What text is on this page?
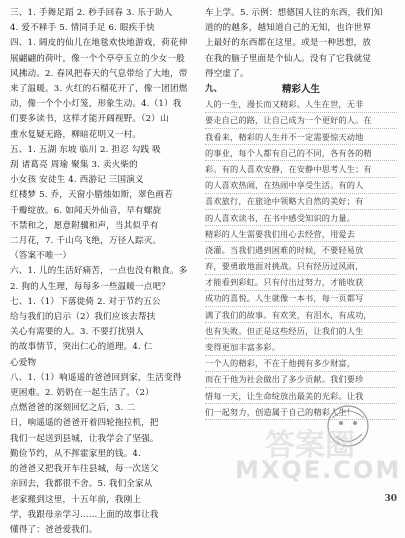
三、1. 手舞足蹈 2. 秒手回春 3. 乐于助人
4. 爱不释手 5. 情同手足 6. 眼疾手快
四、1. 阔皮的仙儿在地毯欢快地游戏，荷花伸
展翩翩的荷叶，像一个个亭亭玉立的少女一般
风拂动。2. 春风把春天的气息带给了大地，带
来了温暖。3. 火红的石榴花开了，像一团团燃
动，像一个个小灯笼，形象生动。4.（1）我
们要多读书，这样才能开阔视野。（2）山
重水复疑无路，柳暗花明又一村。
五、1. 五湖 东坡 临川 2. 担忍 勾践 吸
刮 诸葛亮 周瑜 聚集 3. 卖火柴的
小女孩 安徒生 4. 西游记 三国演义
红楼梦 5. 乔，天窗小腊烛如斯，翠色画若
千瓣绽放。6. 如闻天外仙音，早有螺旋
不禁和之，愿意附骥和声，当其似乎有
二月花，7. 千山鸟飞绝，万径人踪灭。
（答案不唯一）
六、1. 儿的生活好痛苦，一点也没有粮食。多
2. 狗的人生理，每每多一些温暖一点吧？
七、1.（1）下落徙倚 2. 对于节约五公
给与我们的启示（2）我们应该去帮扶
关心有需要的人。3. 不要打扰别人
的故事情节，突出仁心的道理。4. 仁
心爱物
八、1.（1）响遥遥的爸爸回到家，生活变得
更困难。2. 奶奶在一起生活了。（2）
点燃爸爸的深刻回忆之后，3. 二
日，响遥遥的爸爸开着四轮拖拉机，把
我们一起送到县城，让我学会了坚强。
勤俭节约，从不挥霍家里的钱。4.
的爸爸又把我开车往县城，每一次送父
亲回去，我都很不舍。5. 我们全家从
老家搬到这里，十五年前，我刚上
学，我跟母亲学习……上面的故事让我
懂得了：爸爸爱我们。
车上学。5. 示例：想德国人往的东西，我们知
道的的越多，越知道自己的无知，也许世界
上最好的东西都在这里。或是一种思想，放
在我的脑子里面是个仙人。没有了它我就觉
得空虚了。
九、	精彩人生
人的一生，漫长而又精彩。人生在世，无非
要走自己的路，让自己成为一个更好的人。在
我看来，精彩的人生并不一定需要惊天动地
的事业，每个人都有自己的不同，各有各的精
彩。有的人喜欢安静，在安静中思考人生；有
的人喜欢热闹，在热闹中享受生活。有的人
喜欢旅行，在旅途中领略大自然的美好；有
的人喜欢读书，在书中感受知识的力量。
精彩的人生需要我们用心去经营，用爱去
浇灌。当我们遇到困难的时候，不要轻易放
弃，要勇敢地面对挑战。只有经历过风雨，
才能看到彩虹。只有付出过努力，才能收获
成功的喜悦。人生就像一本书，每一页都写
满了我们的故事。有欢笑，有泪水，有成功，
也有失败。但正是这些经历，让我们的人生
变得更加丰富多彩。
一个人的精彩，不在于他拥有多少财富，
而在于他为社会做出了多少贡献。我们要珍
惜每一天，让生命绽放出最美的光彩。让我
们一起努力，创造属于自己的精彩人生！
答案圈
MXQE.COM
30
